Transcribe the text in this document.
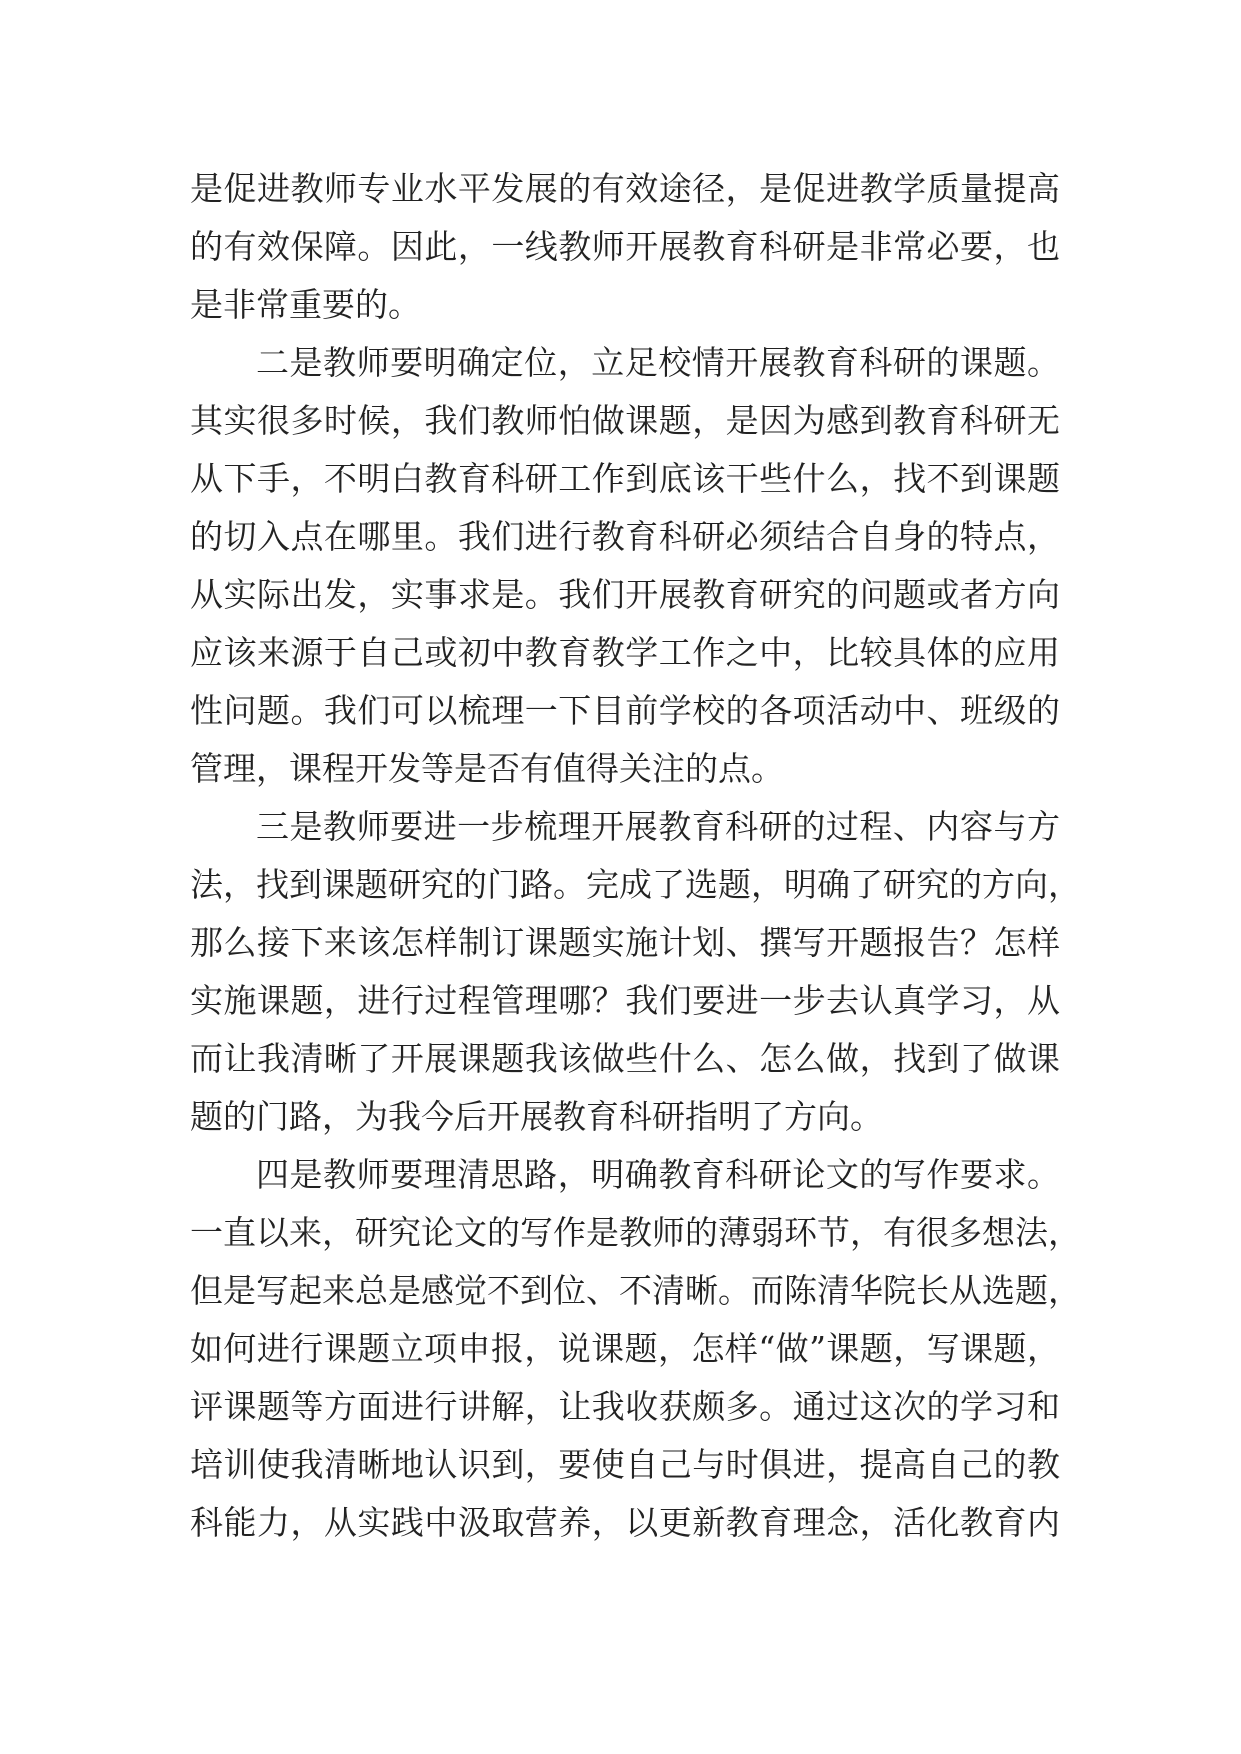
是促进教师专业水平发展的有效途径，是促进教学质量提高
的有效保障。因此，一线教师开展教育科研是非常必要，也
是非常重要的。
二是教师要明确定位，立足校情开展教育科研的课题。
其实很多时候，我们教师怕做课题，是因为感到教育科研无
从下手，不明白教育科研工作到底该干些什么，找不到课题
的切入点在哪里。我们进行教育科研必须结合自身的特点，
从实际出发，实事求是。我们开展教育研究的问题或者方向
应该来源于自己或初中教育教学工作之中，比较具体的应用
性问题。我们可以梳理一下目前学校的各项活动中、班级的
管理，课程开发等是否有值得关注的点。
三是教师要进一步梳理开展教育科研的过程、内容与方
法，找到课题研究的门路。完成了选题，明确了研究的方向，
那么接下来该怎样制订课题实施计划、撰写开题报告？怎样
实施课题，进行过程管理哪？我们要进一步去认真学习，从
而让我清晰了开展课题我该做些什么、怎么做，找到了做课
题的门路，为我今后开展教育科研指明了方向。
四是教师要理清思路，明确教育科研论文的写作要求。
一直以来，研究论文的写作是教师的薄弱环节，有很多想法，
但是写起来总是感觉不到位、不清晰。而陈清华院长从选题，
如何进行课题立项申报，说课题，怎样“做”课题，写课题，
评课题等方面进行讲解，让我收获颇多。通过这次的学习和
培训使我清晰地认识到，要使自己与时俱进，提高自己的教
科能力，从实践中汲取营养，以更新教育理念，活化教育内
